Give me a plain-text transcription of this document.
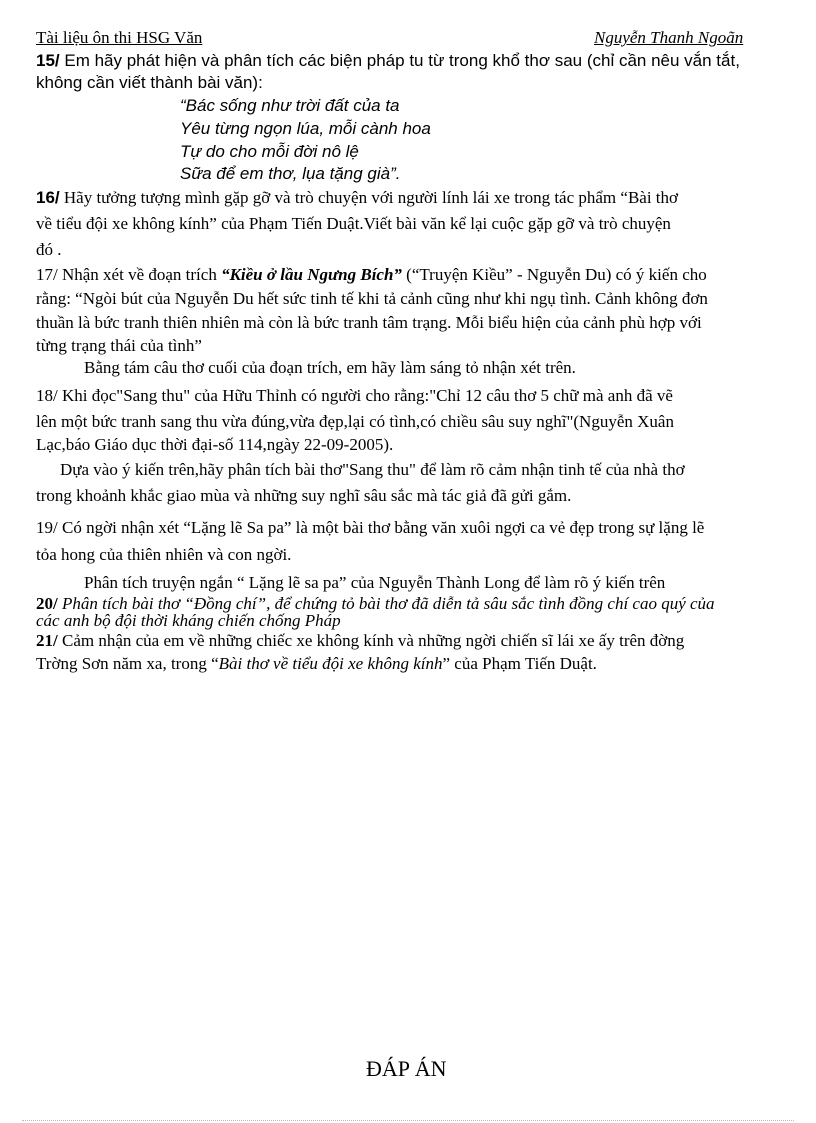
Tài liệu ôn thi HSG Văn	Nguyễn Thanh Ngoãn
15/ Em hãy phát hiện và phân tích các biện pháp tu từ trong khổ thơ sau (chỉ cần nêu vắn tắt, không cần viết thành bài văn):
“Bác sống như trời đất của ta
Yêu từng ngọn lúa, mỗi cành hoa
Tự do cho mỗi đời nô lệ
Sữa để em thơ, lụa tặng già”.
16/ Hãy tưởng tượng mình gặp gỡ và trò chuyện với người lính lái xe trong tác phẩm “Bài thơ
về tiểu đội xe không kính” của Phạm Tiến Duật.Viết bài văn kể lại cuộc gặp gỡ và trò chuyện
đó .
17/ Nhận xét về đoạn trích “Kiều ở lầu Ngưng Bích” (“Truyện Kiều” - Nguyễn Du) có ý kiến cho
rằng: “Ngòi bút của Nguyễn Du hết sức tinh tế khi tả cảnh cũng như khi ngụ tình. Cảnh không đơn
thuần là bức tranh thiên nhiên mà còn là bức tranh tâm trạng. Mỗi biểu hiện của cảnh phù hợp với
từng trạng thái của tình”
Bằng tám câu thơ cuối của đoạn trích, em hãy làm sáng tỏ nhận xét trên.
18/ Khi đọc"Sang thu" của Hữu Thỉnh có người cho rằng:"Chỉ 12 câu thơ 5 chữ mà anh đã vẽ
lên một bức tranh sang thu vừa đúng,vừa đẹp,lại có tình,có chiều sâu suy nghĩ"(Nguyễn Xuân
Lạc,báo Giáo dục thời đại-số 114,ngày 22-09-2005).
Dựa vào ý kiến trên,hãy phân tích bài thơ"Sang thu" để làm rõ cảm nhận tinh tế của nhà thơ
trong khoảnh khắc giao mùa và những suy nghĩ sâu sắc mà tác giả đã gửi gắm.
19/ Có ngời nhận xét “Lặng lẽ Sa pa” là một bài thơ bằng văn xuôi ngợi ca vẻ đẹp trong sự lặng lẽ
tỏa hong của thiên nhiên và con ngời.
Phân tích truyện ngắn “ Lặng lẽ sa pa” của Nguyễn Thành Long để làm rõ ý kiến trên
20/ Phân tích bài thơ “Đồng chí”, để chứng tỏ bài thơ đã diễn tả sâu sắc tình đồng chí cao quý của
các anh bộ đội thời kháng chiến chống Pháp
21/ Cảm nhận của em về những chiếc xe không kính và những ngời chiến sĩ lái xe ấy trên đờng
Trờng Sơn năm xa, trong “Bài thơ về tiểu đội xe không kính” của Phạm Tiến Duật.
ĐÁP ÁN
